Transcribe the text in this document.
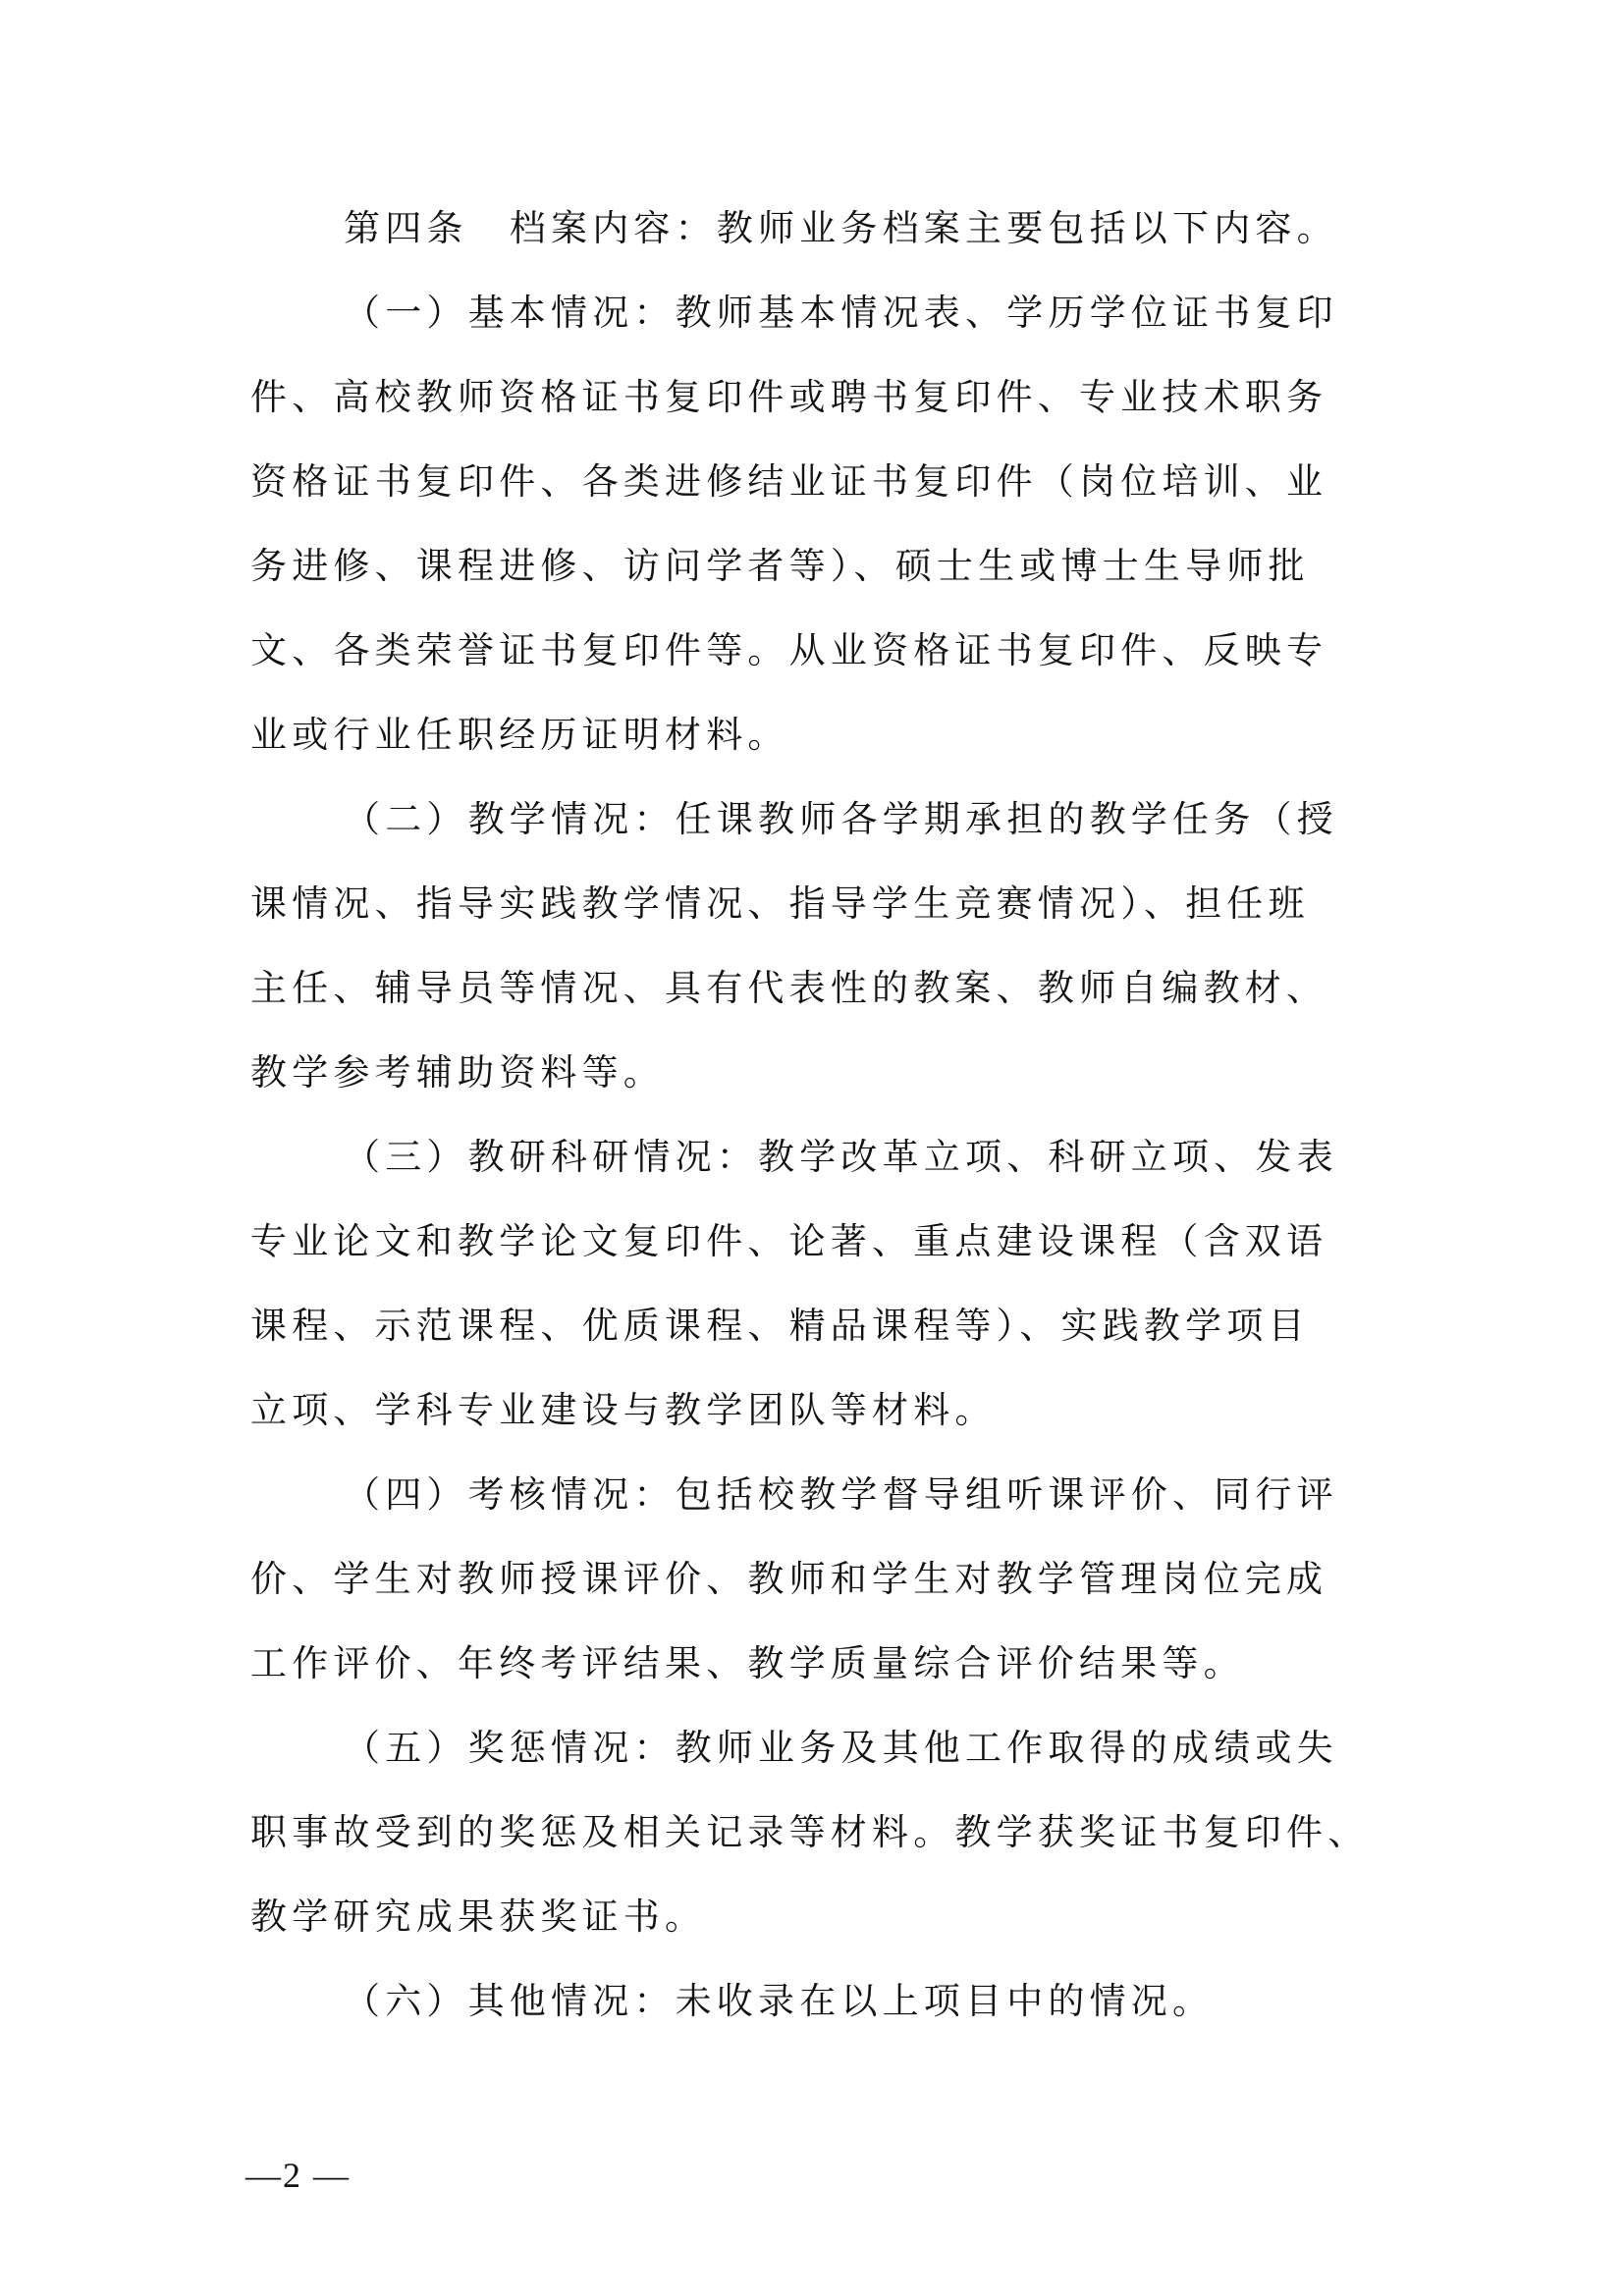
第四条　档案内容：教师业务档案主要包括以下内容。
（一）基本情况：教师基本情况表、学历学位证书复印
件、高校教师资格证书复印件或聘书复印件、专业技术职务
资格证书复印件、各类进修结业证书复印件（岗位培训、业
务进修、课程进修、访问学者等）、硕士生或博士生导师批
文、各类荣誉证书复印件等。从业资格证书复印件、反映专
业或行业任职经历证明材料。
（二）教学情况：任课教师各学期承担的教学任务（授
课情况、指导实践教学情况、指导学生竞赛情况）、担任班
主任、辅导员等情况、具有代表性的教案、教师自编教材、
教学参考辅助资料等。
（三）教研科研情况：教学改革立项、科研立项、发表
专业论文和教学论文复印件、论著、重点建设课程（含双语
课程、示范课程、优质课程、精品课程等）、实践教学项目
立项、学科专业建设与教学团队等材料。
（四）考核情况：包括校教学督导组听课评价、同行评
价、学生对教师授课评价、教师和学生对教学管理岗位完成
工作评价、年终考评结果、教学质量综合评价结果等。
（五）奖惩情况：教师业务及其他工作取得的成绩或失
职事故受到的奖惩及相关记录等材料。教学获奖证书复印件、
教学研究成果获奖证书。
（六）其他情况：未收录在以上项目中的情况。
—2 —
